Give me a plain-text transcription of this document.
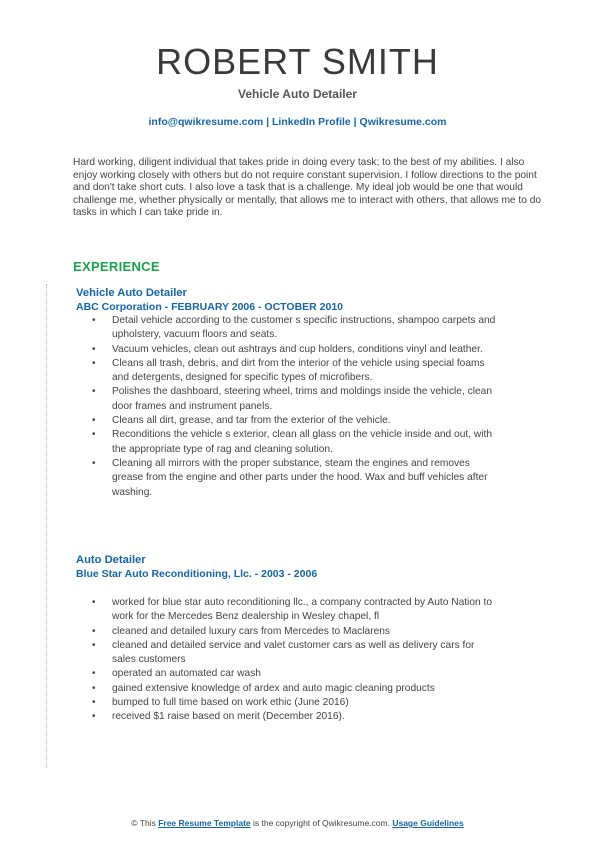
ROBERT SMITH
Vehicle Auto Detailer
info@qwikresume.com | LinkedIn Profile | Qwikresume.com
Hard working, diligent individual that takes pride in doing every task; to the best of my abilities. I also enjoy working closely with others but do not require constant supervision. I follow directions to the point and don't take short cuts. I also love a task that is a challenge. My ideal job would be one that would challenge me, whether physically or mentally, that allows me to interact with others, that allows me to do tasks in which I can take pride in.
EXPERIENCE
Vehicle Auto Detailer
ABC Corporation - FEBRUARY 2006 - OCTOBER 2010
• Detail vehicle according to the customer s specific instructions, shampoo carpets and upholstery, vacuum floors and seats.
• Vacuum vehicles, clean out ashtrays and cup holders, conditions vinyl and leather.
• Cleans all trash, debris, and dirt from the interior of the vehicle using special foams and detergents, designed for specific types of microfibers.
• Polishes the dashboard, steering wheel, trims and moldings inside the vehicle, clean door frames and instrument panels.
• Cleans all dirt, grease, and tar from the exterior of the vehicle.
• Reconditions the vehicle s exterior, clean all glass on the vehicle inside and out, with the appropriate type of rag and cleaning solution.
• Cleaning all mirrors with the proper substance, steam the engines and removes grease from the engine and other parts under the hood. Wax and buff vehicles after washing.
Auto Detailer
Blue Star Auto Reconditioning, Llc. - 2003 - 2006
• worked for blue star auto reconditioning llc., a company contracted by Auto Nation to work for the Mercedes Benz dealership in Wesley chapel, fl
• cleaned and detailed luxury cars from Mercedes to Maclarens
• cleaned and detailed service and valet customer cars as well as delivery cars for sales customers
• operated an automated car wash
• gained extensive knowledge of ardex and auto magic cleaning products
• bumped to full time based on work ethic (June 2016)
• received $1 raise based on merit (December 2016).
© This Free Resume Template is the copyright of Qwikresume.com. Usage Guidelines
